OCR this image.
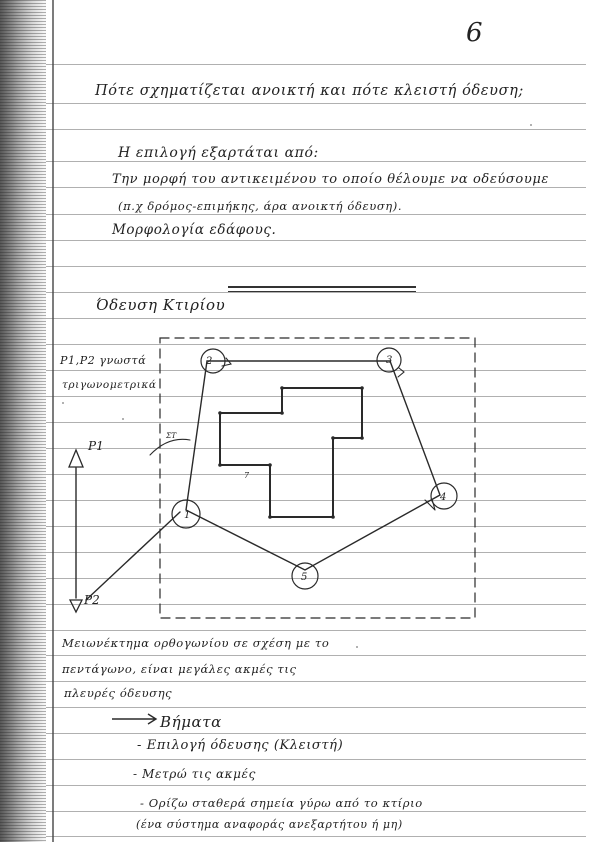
6
Πότε σχηματίζεται ανοικτή και πότε κλειστή όδευση;
Η επιλογή εξαρτάται από:
Την μορφή του αντικειμένου το οποίο θέλουμε να οδεύσουμε
(π.χ δρόμος-επιμήκης, άρα ανοικτή όδευση).
Μορφολογία εδάφους.
Όδευση Κτιρίου
Ρ1,Ρ2 γνωστά
τριγωνομετρικά
1
2	3
4
5
Ρ1
Ρ2
ΣΤ
7
Μειωνέκτημα ορθογωνίου σε σχέση με το
πεντάγωνο, είναι μεγάλες ακμές τις
πλευρές όδευσης
Βήματα
- Επιλογή όδευσης (Κλειστή)
- Μετρώ τις ακμές
- Ορίζω σταθερά σημεία γύρω από το κτίριο
(ένα σύστημα αναφοράς ανεξαρτήτου ή μη)
